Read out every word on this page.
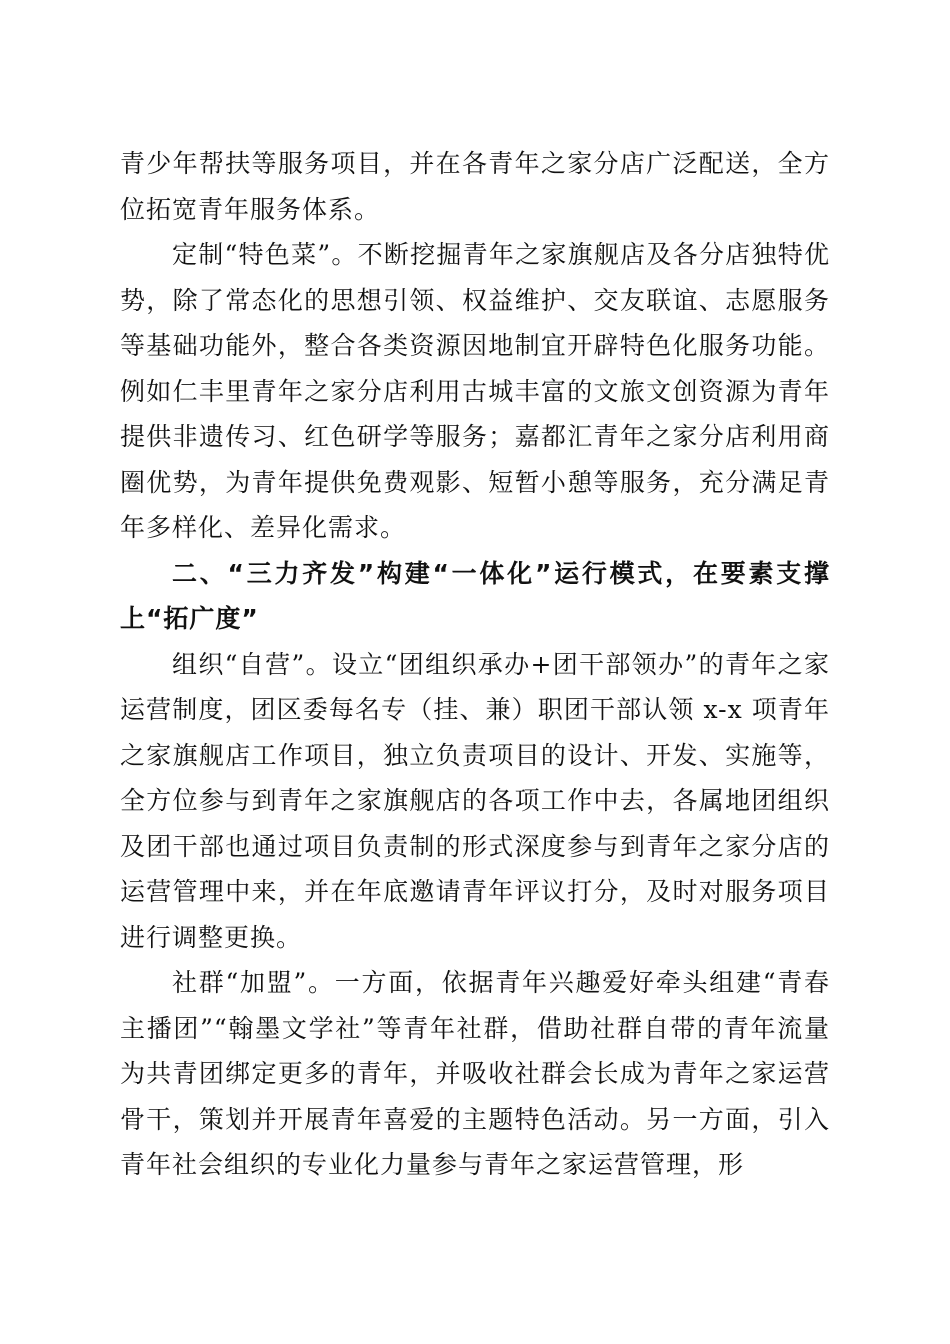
青少年帮扶等服务项目，并在各青年之家分店广泛配送，全方位拓宽青年服务体系。

定制“特色菜”。不断挖掘青年之家旗舰店及各分店独特优势，除了常态化的思想引领、权益维护、交友联谊、志愿服务等基础功能外，整合各类资源因地制宜开辟特色化服务功能。例如仁丰里青年之家分店利用古城丰富的文旅文创资源为青年提供非遗传习、红色研学等服务；嘉都汇青年之家分店利用商圈优势，为青年提供免费观影、短暂小憩等服务，充分满足青年多样化、差异化需求。

二、“三力齐发”构建“一体化”运行模式，在要素支撑上“拓广度”

组织“自营”。设立“团组织承办+团干部领办”的青年之家运营制度，团区委每名专（挂、兼）职团干部认领 x-x 项青年之家旗舰店工作项目，独立负责项目的设计、开发、实施等，全方位参与到青年之家旗舰店的各项工作中去，各属地团组织及团干部也通过项目负责制的形式深度参与到青年之家分店的运营管理中来，并在年底邀请青年评议打分，及时对服务项目进行调整更换。

社群“加盟”。一方面，依据青年兴趣爱好牵头组建“青春主播团”“翰墨文学社”等青年社群，借助社群自带的青年流量为共青团绑定更多的青年，并吸收社群会长成为青年之家运营骨干，策划并开展青年喜爱的主题特色活动。另一方面，引入青年社会组织的专业化力量参与青年之家运营管理，形
